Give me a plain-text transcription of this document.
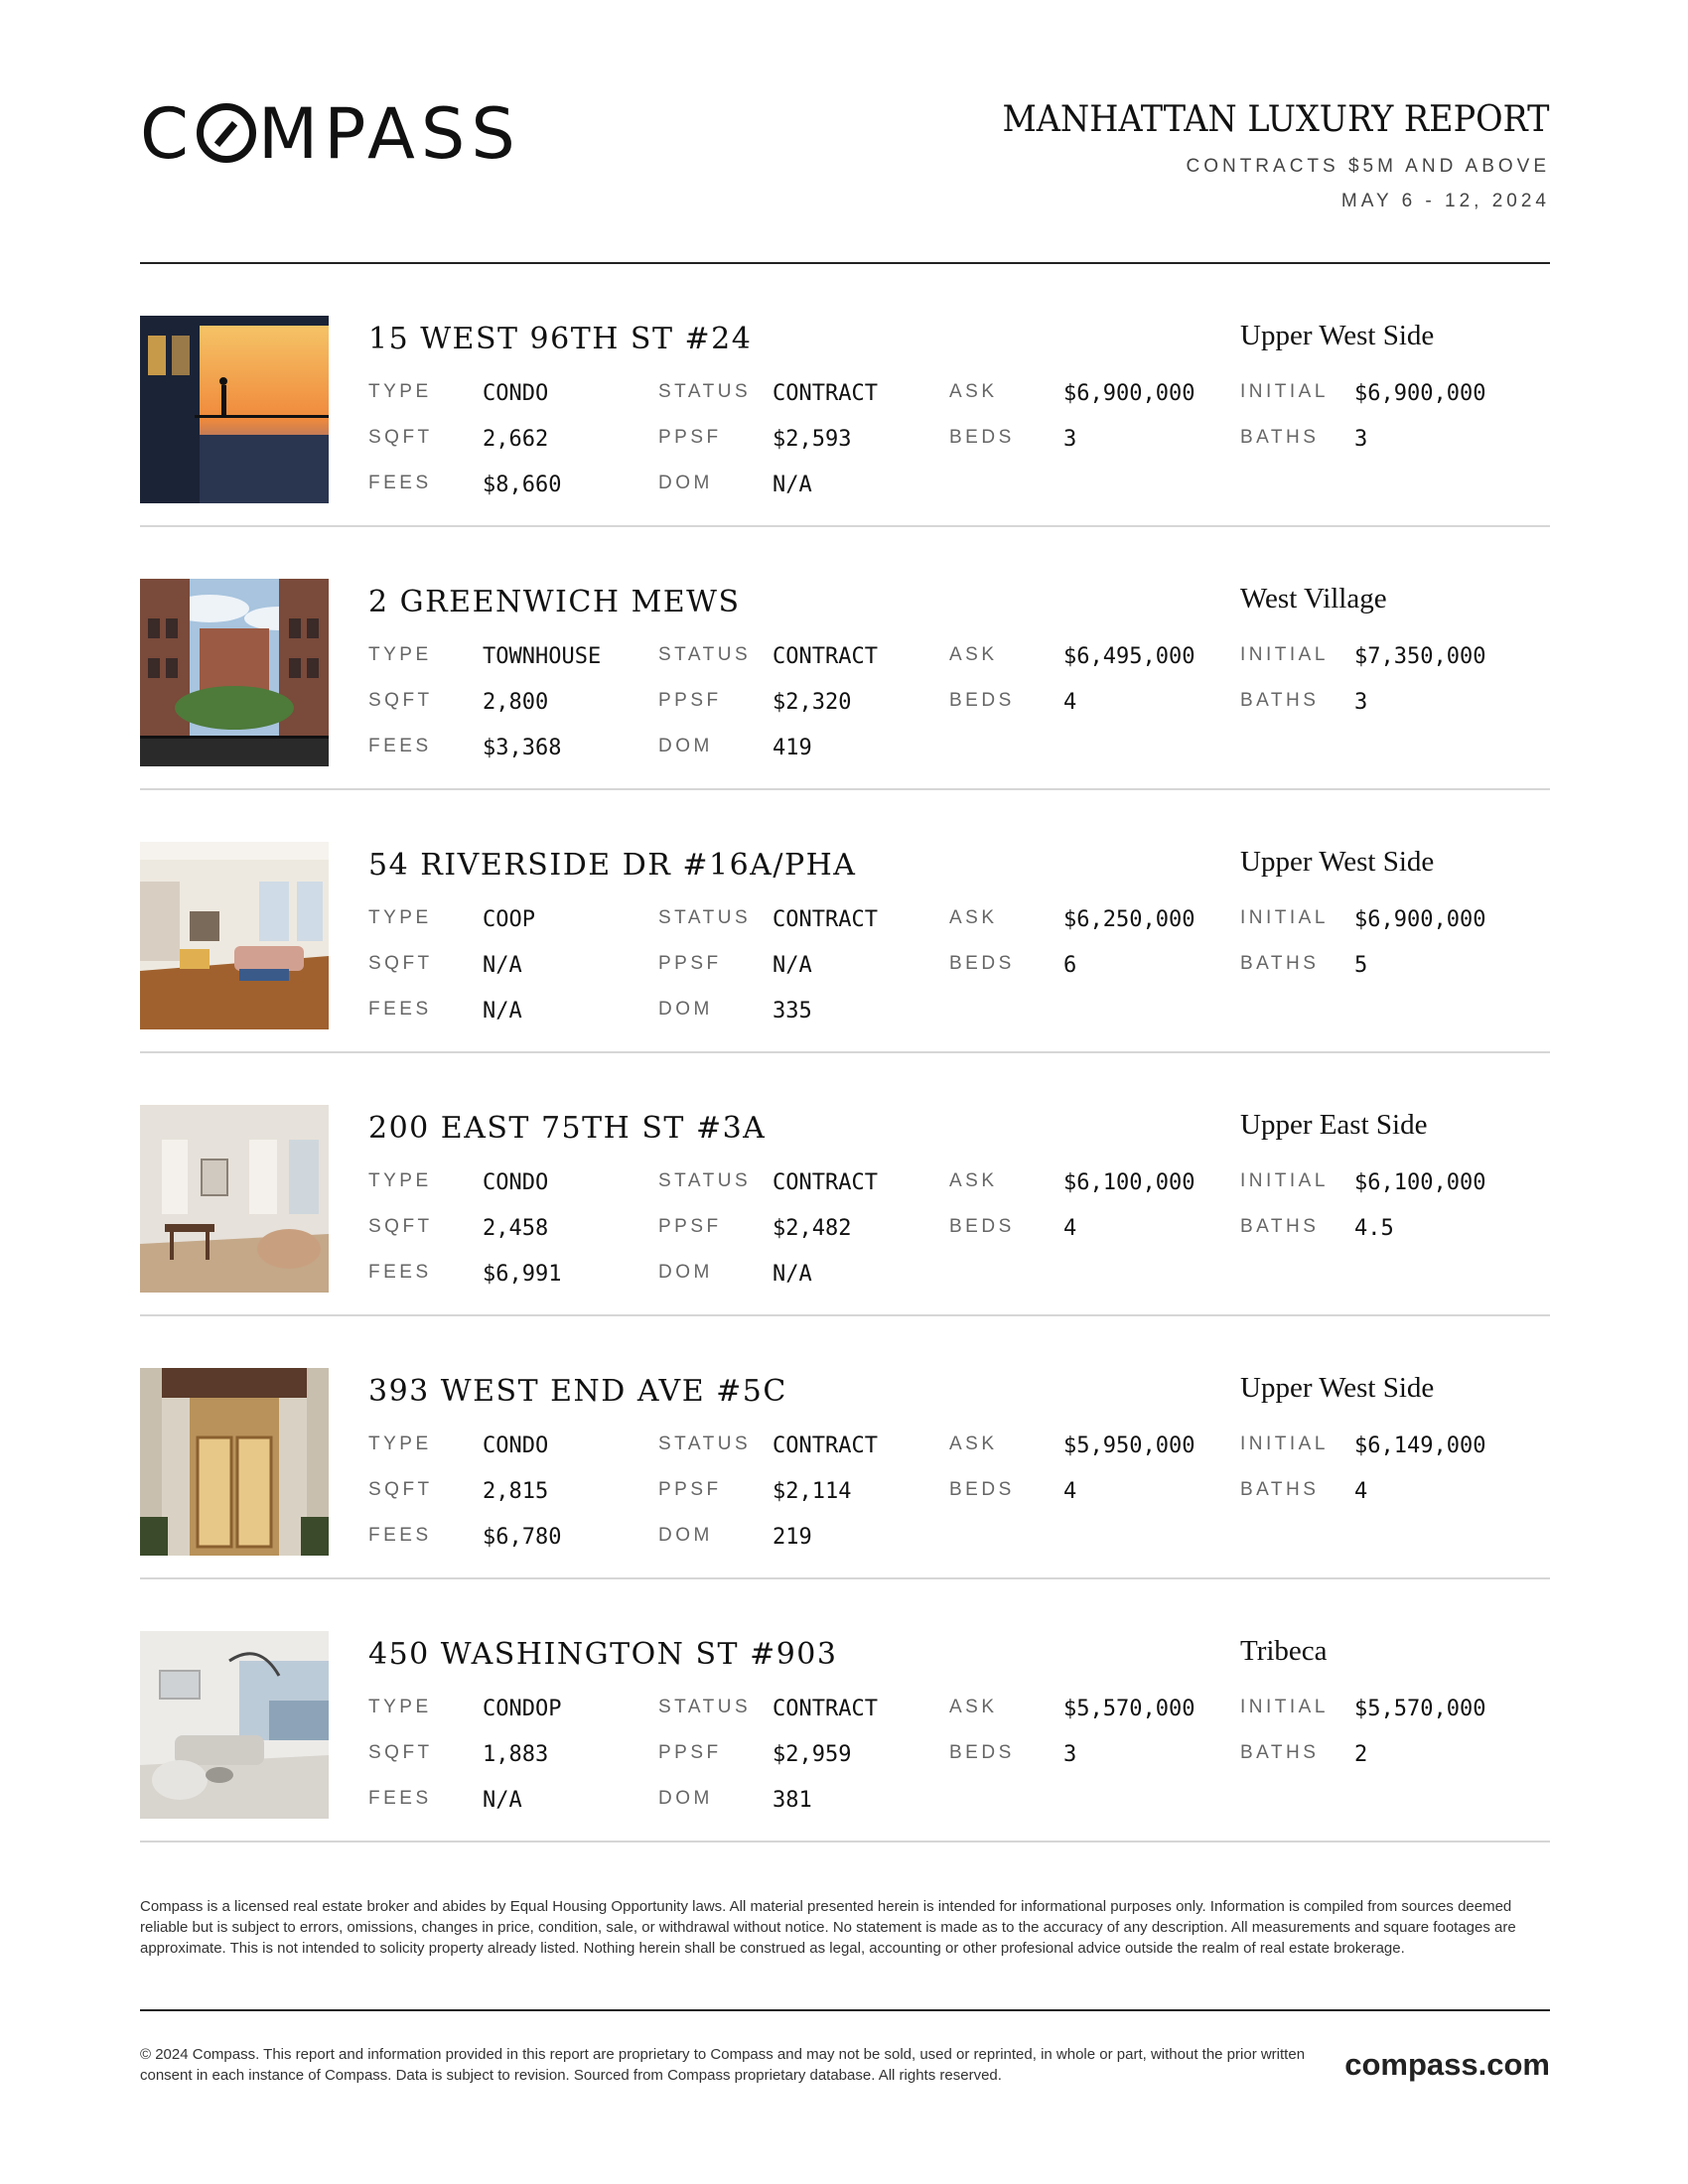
C MPASS	MANHATTAN LUXURY REPORT
CONTRACTS $5M AND ABOVE
MAY 6 - 12, 2024
15 WEST 96TH ST #24	Upper West Side
TYPE CONDO	STATUS CONTRACT	ASK	$6,900,000 INITIAL $6,900,000
SQFT 2,662	PPSF $2,593	BEDS 3	BATHS 3
FEES $8,660	DOM	N/A
2 GREENWICH MEWS	West Village
TYPE TOWNHOUSE	STATUS CONTRACT	ASK	$6,495,000 INITIAL $7,350,000
SQFT 2,800	PPSF $2,320	BEDS 4	BATHS 3
FEES $3,368	DOM	419
54 RIVERSIDE DR #16A/PHA	Upper West Side
TYPE COOP	STATUS CONTRACT	ASK	$6,250,000 INITIAL $6,900,000
SQFT N/A	PPSF N/A	BEDS 6	BATHS 5
FEES N/A	DOM	335
200 EAST 75TH ST #3A	Upper East Side
TYPE CONDO	STATUS CONTRACT	ASK	$6,100,000 INITIAL $6,100,000
SQFT 2,458	PPSF $2,482	BEDS 4	BATHS 4.5
FEES $6,991	DOM	N/A
393 WEST END AVE #5C	Upper West Side
TYPE CONDO	STATUS CONTRACT	ASK	$5,950,000 INITIAL $6,149,000
SQFT 2,815	PPSF $2,114	BEDS 4	BATHS 4
FEES $6,780	DOM	219
450 WASHINGTON ST #903	Tribeca
TYPE CONDOP	STATUS CONTRACT	ASK	$5,570,000 INITIAL $5,570,000
SQFT 1,883	PPSF $2,959	BEDS 3	BATHS 2
FEES N/A	DOM	381
Compass is a licensed real estate broker and abides by Equal Housing Opportunity laws. All material presented herein is intended for informational purposes only. Information is compiled from sources deemed reliable but is subject to errors, omissions, changes in price, condition, sale, or withdrawal without notice. No statement is made as to the accuracy of any description. All measurements and square footages are approximate. This is not intended to solicity property already listed. Nothing herein shall be construed as legal, accounting or other profesional advice outside the realm of real estate brokerage.
© 2024 Compass. This report and information provided in this report are proprietary to Compass and may not be sold, used or reprinted, in whole or part, without the prior written consent in each instance of Compass. Data is subject to revision. Sourced from Compass proprietary database. All rights reserved.	compass.com
